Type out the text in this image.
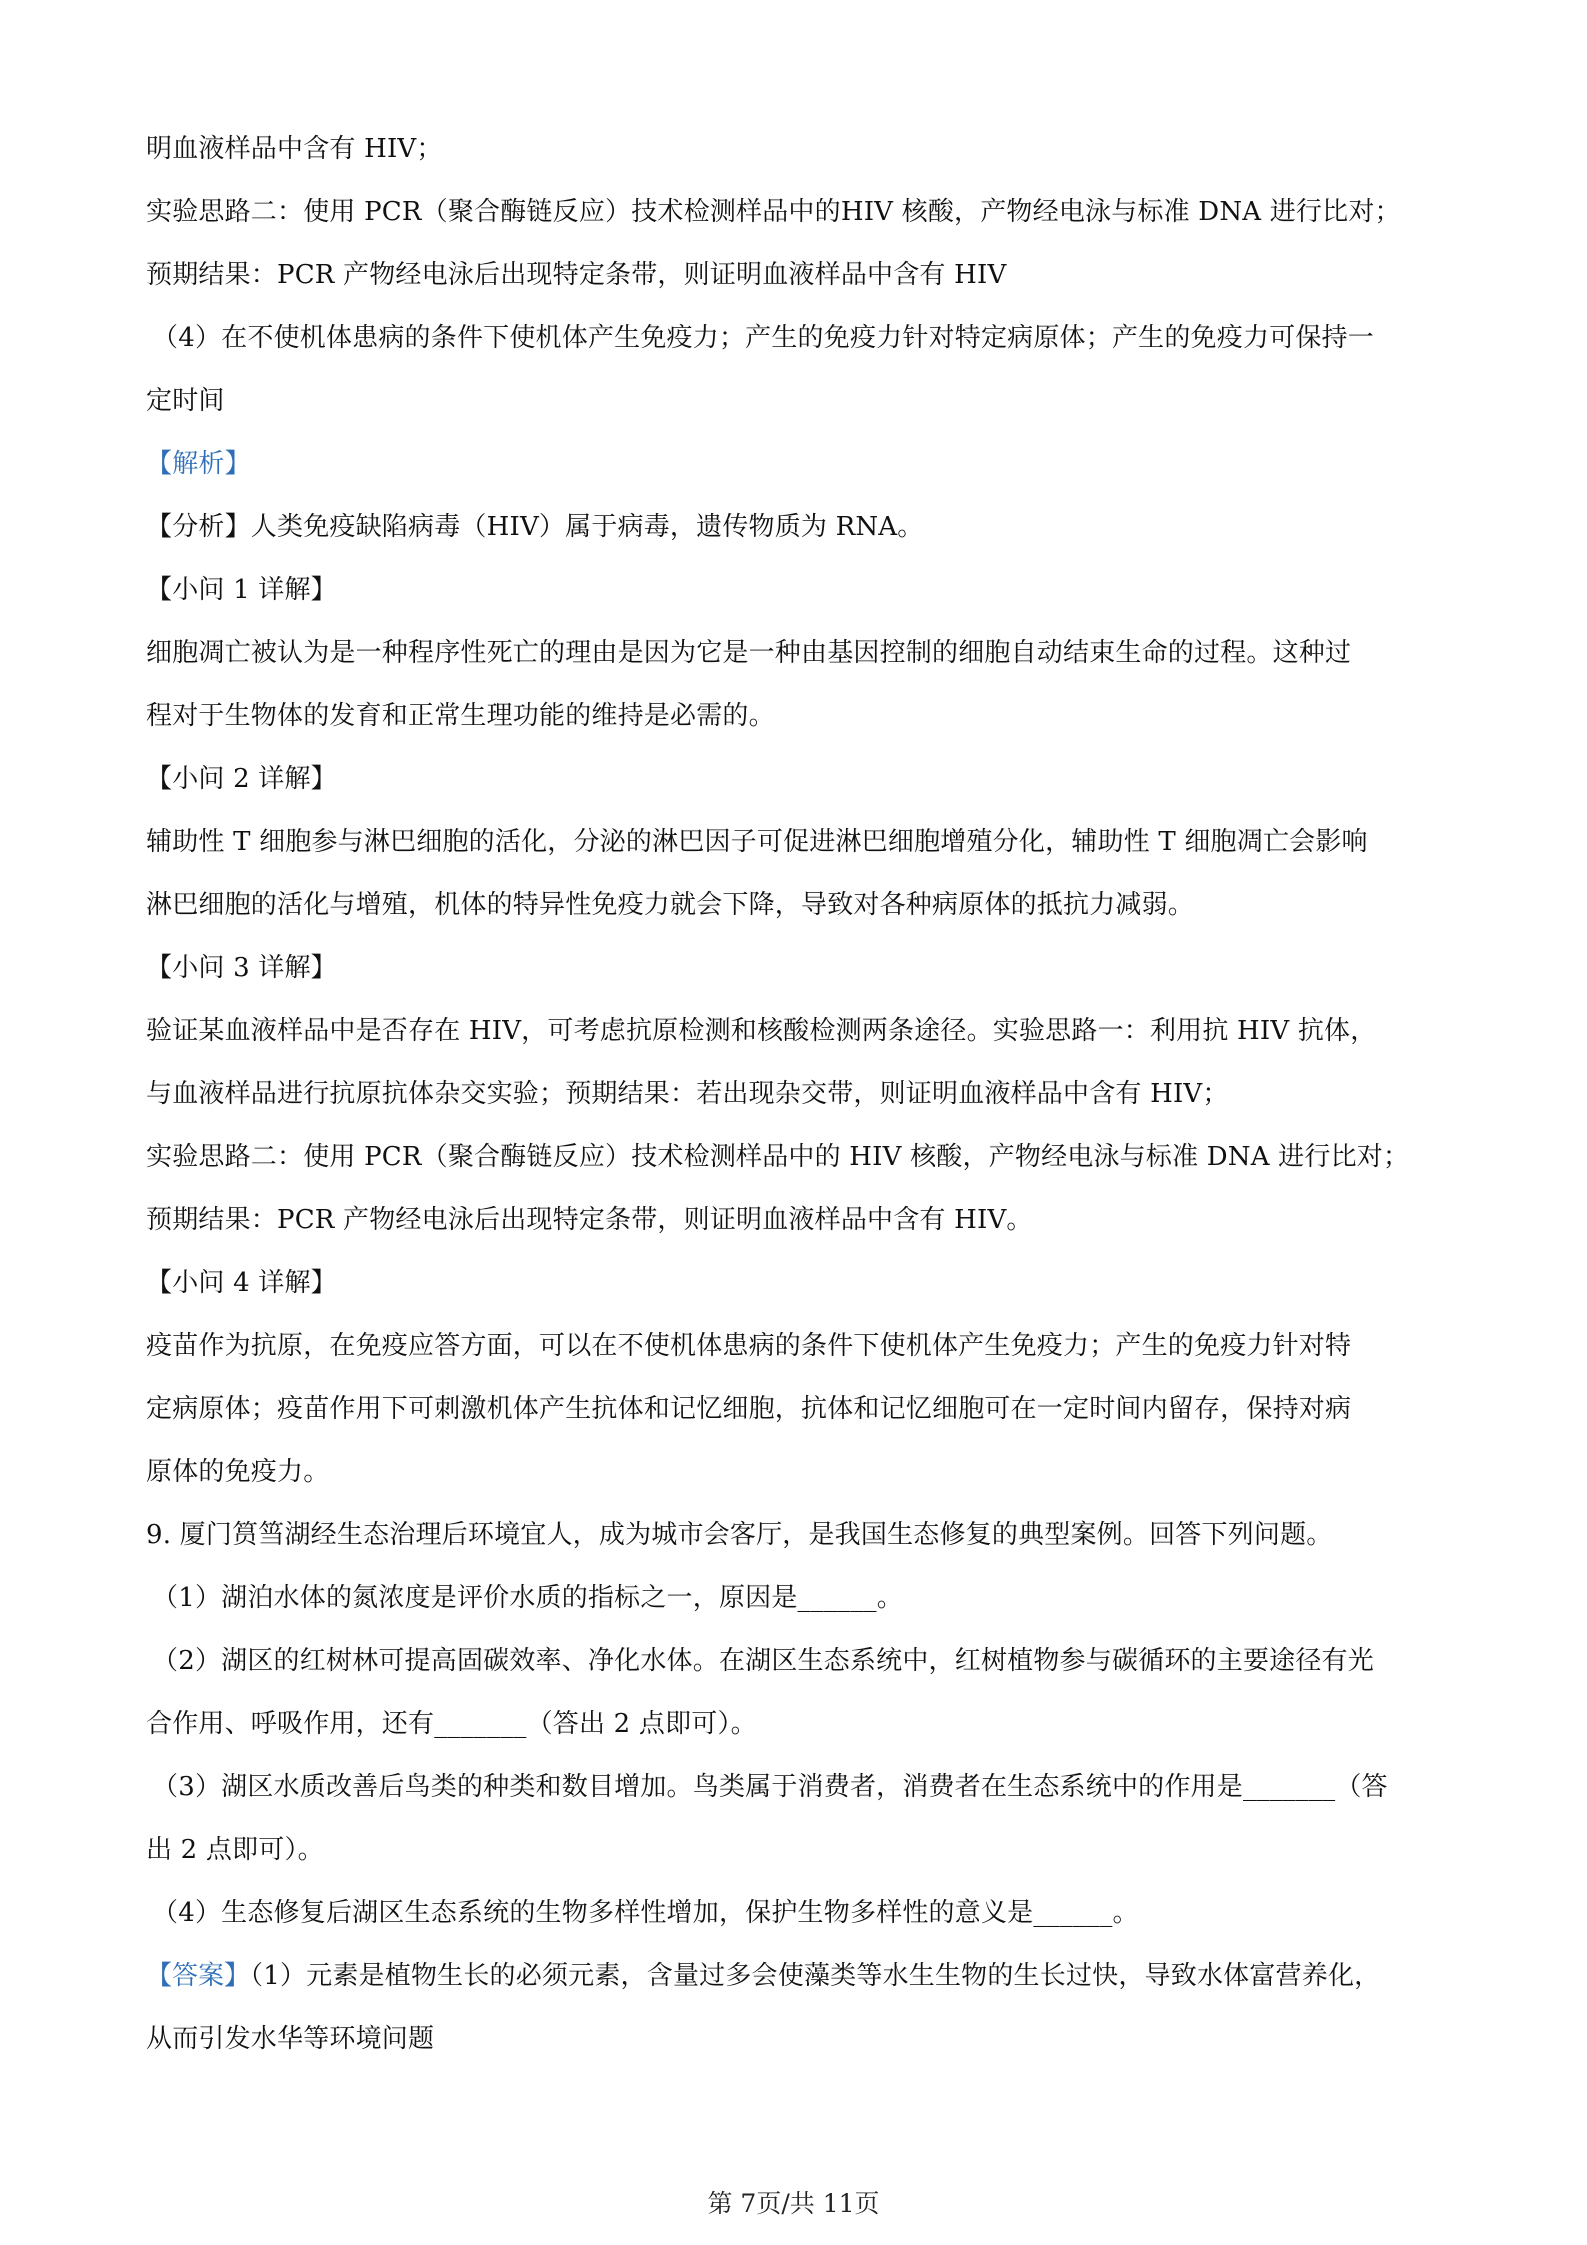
明血液样品中含有 HIV；
实验思路二：使用 PCR（聚合酶链反应）技术检测样品中的HIV 核酸，产物经电泳与标准 DNA 进行比对；
预期结果：PCR 产物经电泳后出现特定条带，则证明血液样品中含有 HIV
（4）在不使机体患病的条件下使机体产生免疫力；产生的免疫力针对特定病原体；产生的免疫力可保持一
定时间
【解析】
【分析】人类免疫缺陷病毒（HIV）属于病毒，遗传物质为 RNA。
【小问 1 详解】
细胞凋亡被认为是一种程序性死亡的理由是因为它是一种由基因控制的细胞自动结束生命的过程。这种过
程对于生物体的发育和正常生理功能的维持是必需的。
【小问 2 详解】
辅助性 T 细胞参与淋巴细胞的活化，分泌的淋巴因子可促进淋巴细胞增殖分化，辅助性 T 细胞凋亡会影响
淋巴细胞的活化与增殖，机体的特异性免疫力就会下降，导致对各种病原体的抵抗力减弱。
【小问 3 详解】
验证某血液样品中是否存在 HIV，可考虑抗原检测和核酸检测两条途径。实验思路一：利用抗 HIV 抗体，
与血液样品进行抗原抗体杂交实验；预期结果：若出现杂交带，则证明血液样品中含有 HIV；
实验思路二：使用 PCR（聚合酶链反应）技术检测样品中的 HIV 核酸，产物经电泳与标准 DNA 进行比对；
预期结果：PCR 产物经电泳后出现特定条带，则证明血液样品中含有 HIV。
【小问 4 详解】
疫苗作为抗原，在免疫应答方面，可以在不使机体患病的条件下使机体产生免疫力；产生的免疫力针对特
定病原体；疫苗作用下可刺激机体产生抗体和记忆细胞，抗体和记忆细胞可在一定时间内留存，保持对病
原体的免疫力。
9. 厦门筼筜湖经生态治理后环境宜人，成为城市会客厅，是我国生态修复的典型案例。回答下列问题。
（1）湖泊水体的氮浓度是评价水质的指标之一，原因是______。
（2）湖区的红树林可提高固碳效率、净化水体。在湖区生态系统中，红树植物参与碳循环的主要途径有光
合作用、呼吸作用，还有_______（答出 2 点即可）。
（3）湖区水质改善后鸟类的种类和数目增加。鸟类属于消费者，消费者在生态系统中的作用是_______（答
出 2 点即可）。
（4）生态修复后湖区生态系统的生物多样性增加，保护生物多样性的意义是______。
【答案】（1）元素是植物生长的必须元素，含量过多会使藻类等水生生物的生长过快，导致水体富营养化，
从而引发水华等环境问题
第 7页/共 11页
